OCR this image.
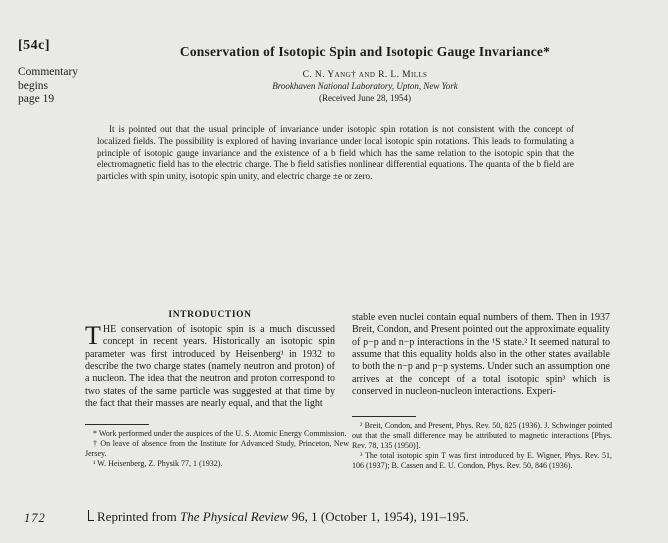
[54c]
Commentary
begins
page 19
Conservation of Isotopic Spin and Isotopic Gauge Invariance*
C. N. Yang† and R. L. Mills
Brookhaven National Laboratory, Upton, New York
(Received June 28, 1954)
It is pointed out that the usual principle of invariance under isotopic spin rotation is not consistent with the concept of localized fields. The possibility is explored of having invariance under local isotopic spin rotations. This leads to formulating a principle of isotopic gauge invariance and the existence of a b field which has the same relation to the isotopic spin that the electromagnetic field has to the electric charge. The b field satisfies nonlinear differential equations. The quanta of the b field are particles with spin unity, isotopic spin unity, and electric charge ±e or zero.
INTRODUCTION

THE conservation of isotopic spin is a much discussed concept in recent years. Historically an isotopic spin parameter was first introduced by Heisenberg¹ in 1932 to describe the two charge states (namely neutron and proton) of a nucleon. The idea that the neutron and proton correspond to two states of the same particle was suggested at that time by the fact that their masses are nearly equal, and that the light

stable even nuclei contain equal numbers of them. Then in 1937 Breit, Condon, and Present pointed out the approximate equality of p−p and n−p interactions in the ¹S state.² It seemed natural to assume that this equality holds also in the other states available to both the n−p and p−p systems. Under such an assumption one arrives at the concept of a total isotopic spin³ which is conserved in nucleon-nucleon interactions. Experi-

* Work performed under the auspices of the U. S. Atomic Energy Commission.

† On leave of absence from the Institute for Advanced Study, Princeton, New Jersey.

¹ W. Heisenberg, Z. Physik 77, 1 (1932).

² Breit, Condon, and Present, Phys. Rev. 50, 825 (1936). J. Schwinger pointed out that the small difference may be attributed to magnetic interactions [Phys. Rev. 78, 135 (1950)].

³ The total isotopic spin T was first introduced by E. Wigner, Phys. Rev. 51, 106 (1937); B. Cassen and E. U. Condon, Phys. Rev. 50, 846 (1936).

172	Reprinted from The Physical Review 96, 1 (October 1, 1954), 191–195.
